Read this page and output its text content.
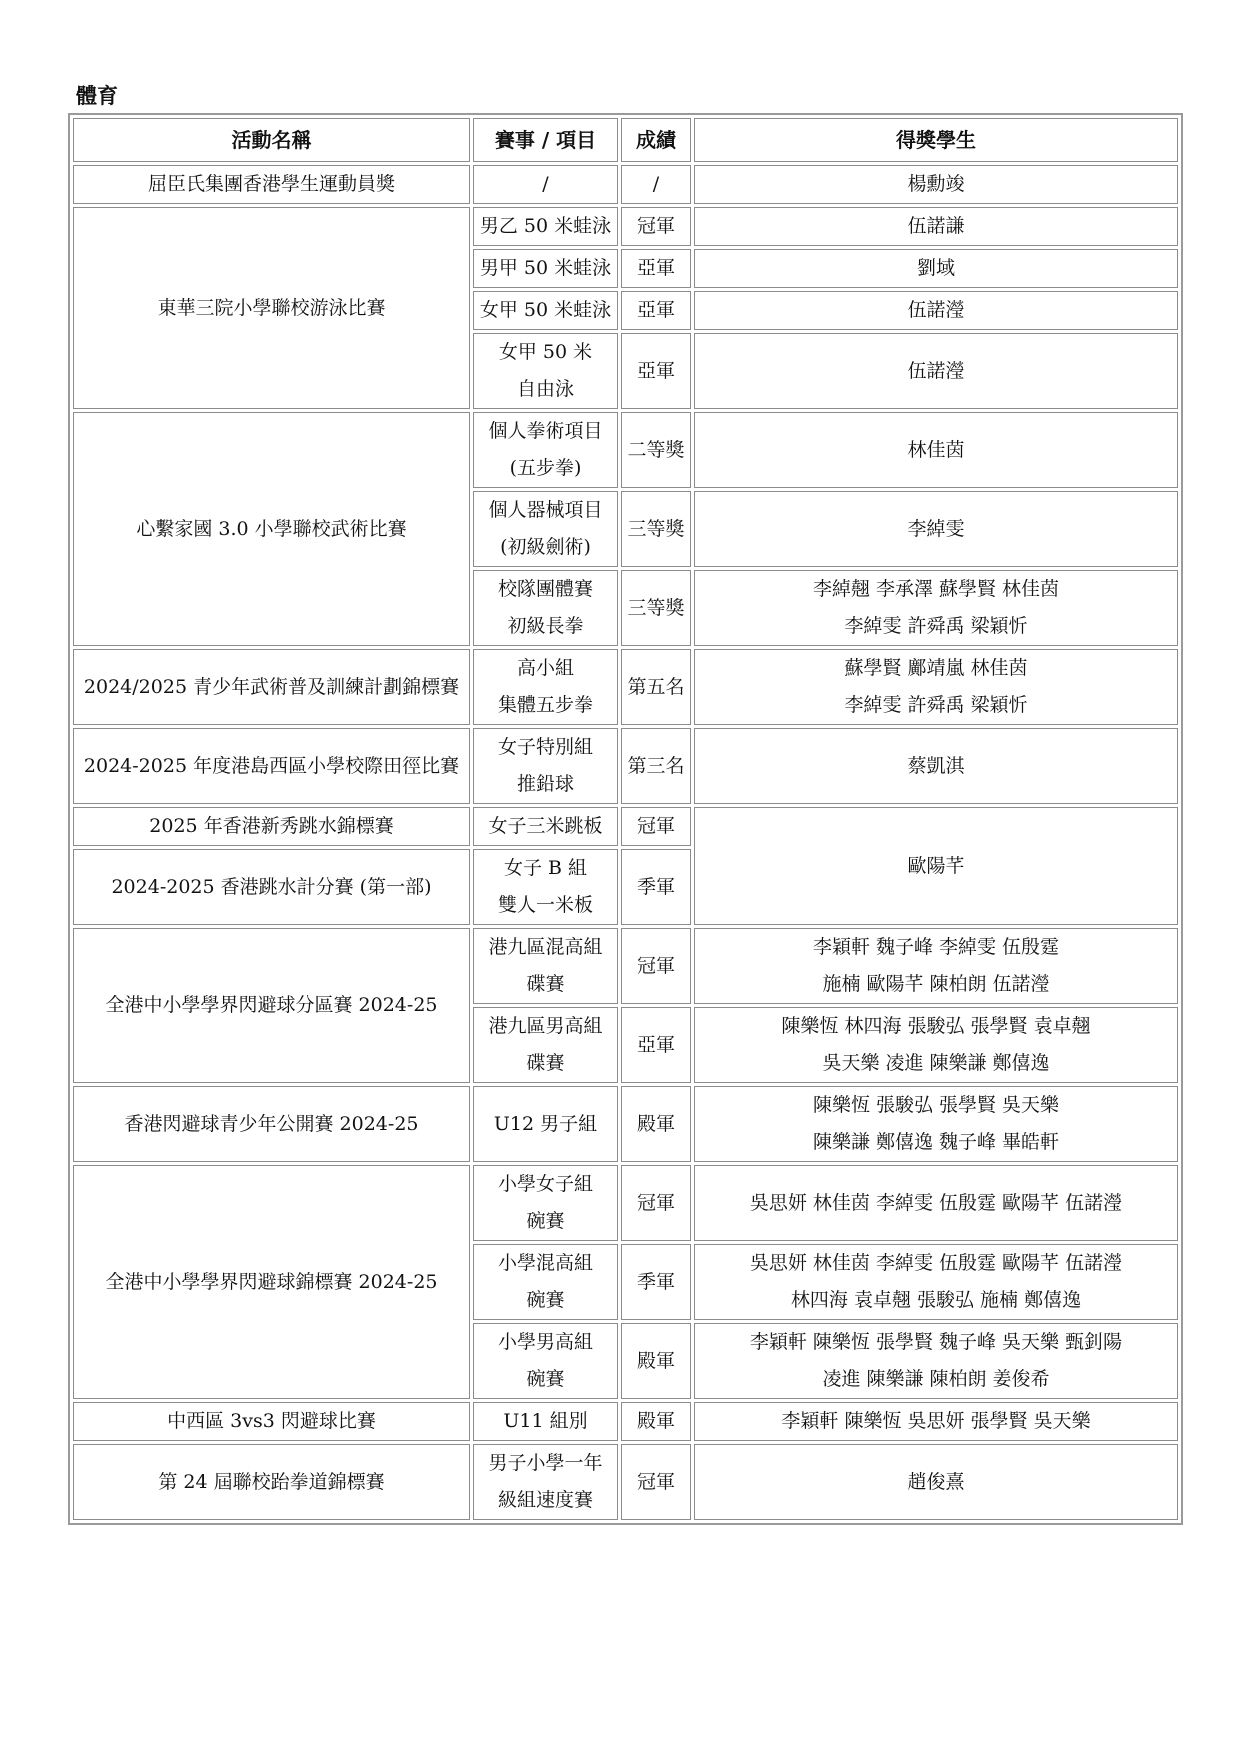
體育
活動名稱	賽事 / 項目	成績	得獎學生

屈臣氏集團香港學生運動員獎	/	/	楊勳竣

東華三院小學聯校游泳比賽	男乙 50 米蛙泳	冠軍	伍諾謙

	男甲 50 米蛙泳	亞軍	劉域

	女甲 50 米蛙泳	亞軍	伍諾瀅

	女甲 50 米
自由泳	亞軍	伍諾瀅

心繫家國 3.0 小學聯校武術比賽	個人拳術項目
(五步拳)	二等獎	林佳茵

	個人器械項目
(初級劍術)	三等獎	李綽雯

	校隊團體賽
初級長拳	三等獎	李綽翹 李承澤 蘇學賢 林佳茵
李綽雯 許舜禹 梁穎忻

2024/2025 青少年武術普及訓練計劃錦標賽	高小組
集體五步拳	第五名	蘇學賢 鄺靖嵐 林佳茵
李綽雯 許舜禹 梁穎忻

2024-2025 年度港島西區小學校際田徑比賽	女子特別組
推鉛球	第三名	蔡凱淇

2025 年香港新秀跳水錦標賽	女子三米跳板	冠軍	歐陽芊

2024-2025 香港跳水計分賽 (第一部)	女子 B 組
雙人一米板	季軍	

全港中小學學界閃避球分區賽 2024-25	港九區混高組
碟賽	冠軍	李穎軒 魏子峰 李綽雯 伍殷霆
施楠 歐陽芊 陳柏朗 伍諾瀅

	港九區男高組
碟賽	亞軍	陳樂恆 林四海 張駿弘 張學賢 袁卓翹
吳天樂 凌進 陳樂謙 鄭僖逸

香港閃避球青少年公開賽 2024-25	U12 男子組	殿軍	陳樂恆 張駿弘 張學賢 吳天樂
陳樂謙 鄭僖逸 魏子峰 畢皓軒

全港中小學學界閃避球錦標賽 2024-25	小學女子組
碗賽	冠軍	吳思妍 林佳茵 李綽雯 伍殷霆 歐陽芊 伍諾瀅

	小學混高組
碗賽	季軍	吳思妍 林佳茵 李綽雯 伍殷霆 歐陽芊 伍諾瀅
林四海 袁卓翹 張駿弘 施楠 鄭僖逸

	小學男高組
碗賽	殿軍	李穎軒 陳樂恆 張學賢 魏子峰 吳天樂 甄釗陽
凌進 陳樂謙 陳柏朗 姜俊希

中西區 3vs3 閃避球比賽	U11 組別	殿軍	李穎軒 陳樂恆 吳思妍 張學賢 吳天樂

第 24 屆聯校跆拳道錦標賽	男子小學一年
級組速度賽	冠軍	趙俊熹
